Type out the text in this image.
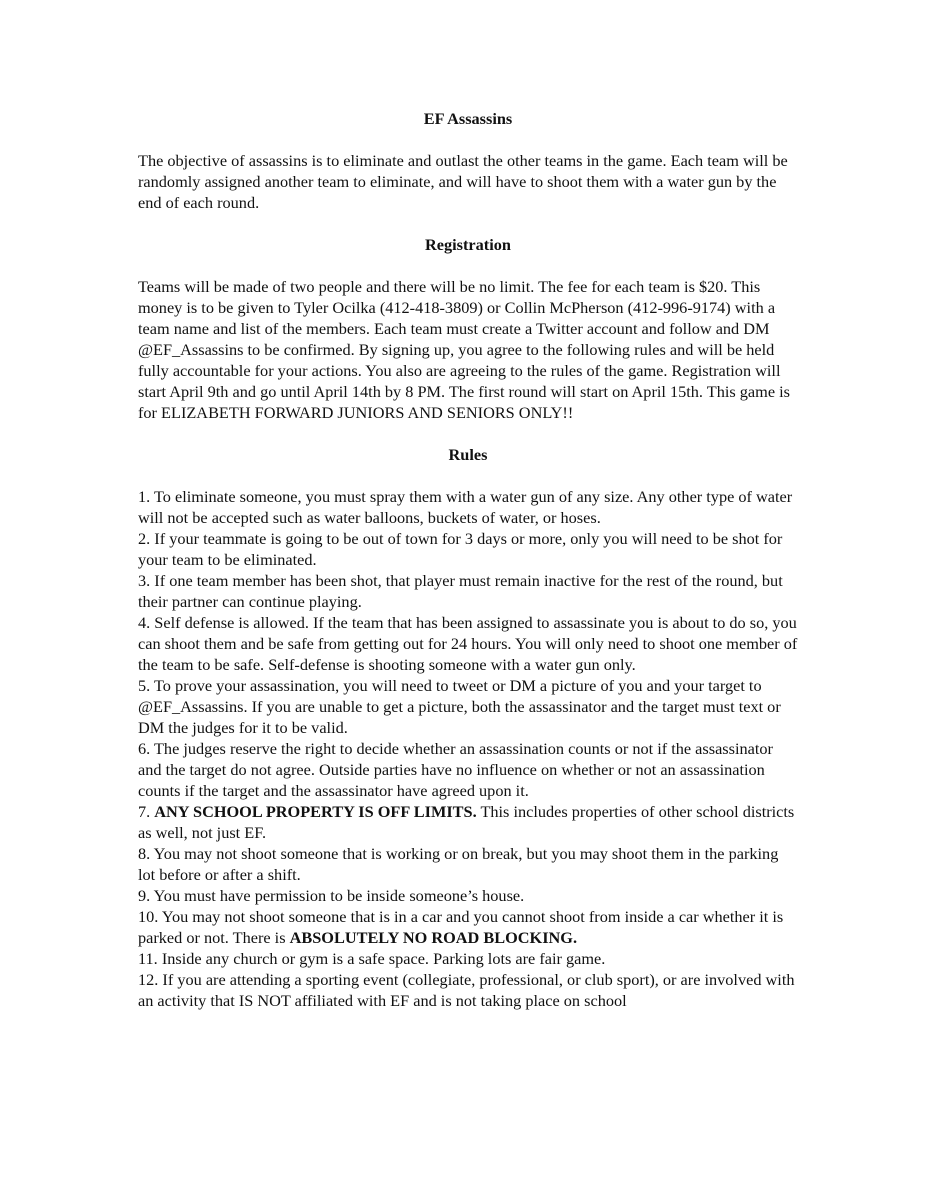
EF Assassins

The objective of assassins is to eliminate and outlast the other teams in the game. Each team will be randomly assigned another team to eliminate, and will have to shoot them with a water gun by the end of each round.

Registration

Teams will be made of two people and there will be no limit. The fee for each team is $20. This money is to be given to Tyler Ocilka (412-418-3809) or Collin McPherson (412-996-9174) with a team name and list of the members. Each team must create a Twitter account and follow and DM @EF_Assassins to be confirmed. By signing up, you agree to the following rules and will be held fully accountable for your actions. You also are agreeing to the rules of the game. Registration will start April 9th and go until April 14th by 8 PM. The first round will start on April 15th. This game is for ELIZABETH FORWARD JUNIORS AND SENIORS ONLY!!

Rules

1. To eliminate someone, you must spray them with a water gun of any size. Any other type of water will not be accepted such as water balloons, buckets of water, or hoses.

2. If your teammate is going to be out of town for 3 days or more, only you will need to be shot for your team to be eliminated.

3. If one team member has been shot, that player must remain inactive for the rest of the round, but their partner can continue playing.

4. Self defense is allowed. If the team that has been assigned to assassinate you is about to do so, you can shoot them and be safe from getting out for 24 hours. You will only need to shoot one member of the team to be safe. Self-defense is shooting someone with a water gun only.

5. To prove your assassination, you will need to tweet or DM a picture of you and your target to @EF_Assassins. If you are unable to get a picture, both the assassinator and the target must text or DM the judges for it to be valid.

6. The judges reserve the right to decide whether an assassination counts or not if the assassinator and the target do not agree. Outside parties have no influence on whether or not an assassination counts if the target and the assassinator have agreed upon it.

7. ANY SCHOOL PROPERTY IS OFF LIMITS. This includes properties of other school districts as well, not just EF.

8. You may not shoot someone that is working or on break, but you may shoot them in the parking lot before or after a shift.

9. You must have permission to be inside someone’s house.

10. You may not shoot someone that is in a car and you cannot shoot from inside a car whether it is parked or not. There is ABSOLUTELY NO ROAD BLOCKING.

11. Inside any church or gym is a safe space. Parking lots are fair game.

12. If you are attending a sporting event (collegiate, professional, or club sport), or are involved with an activity that IS NOT affiliated with EF and is not taking place on school
